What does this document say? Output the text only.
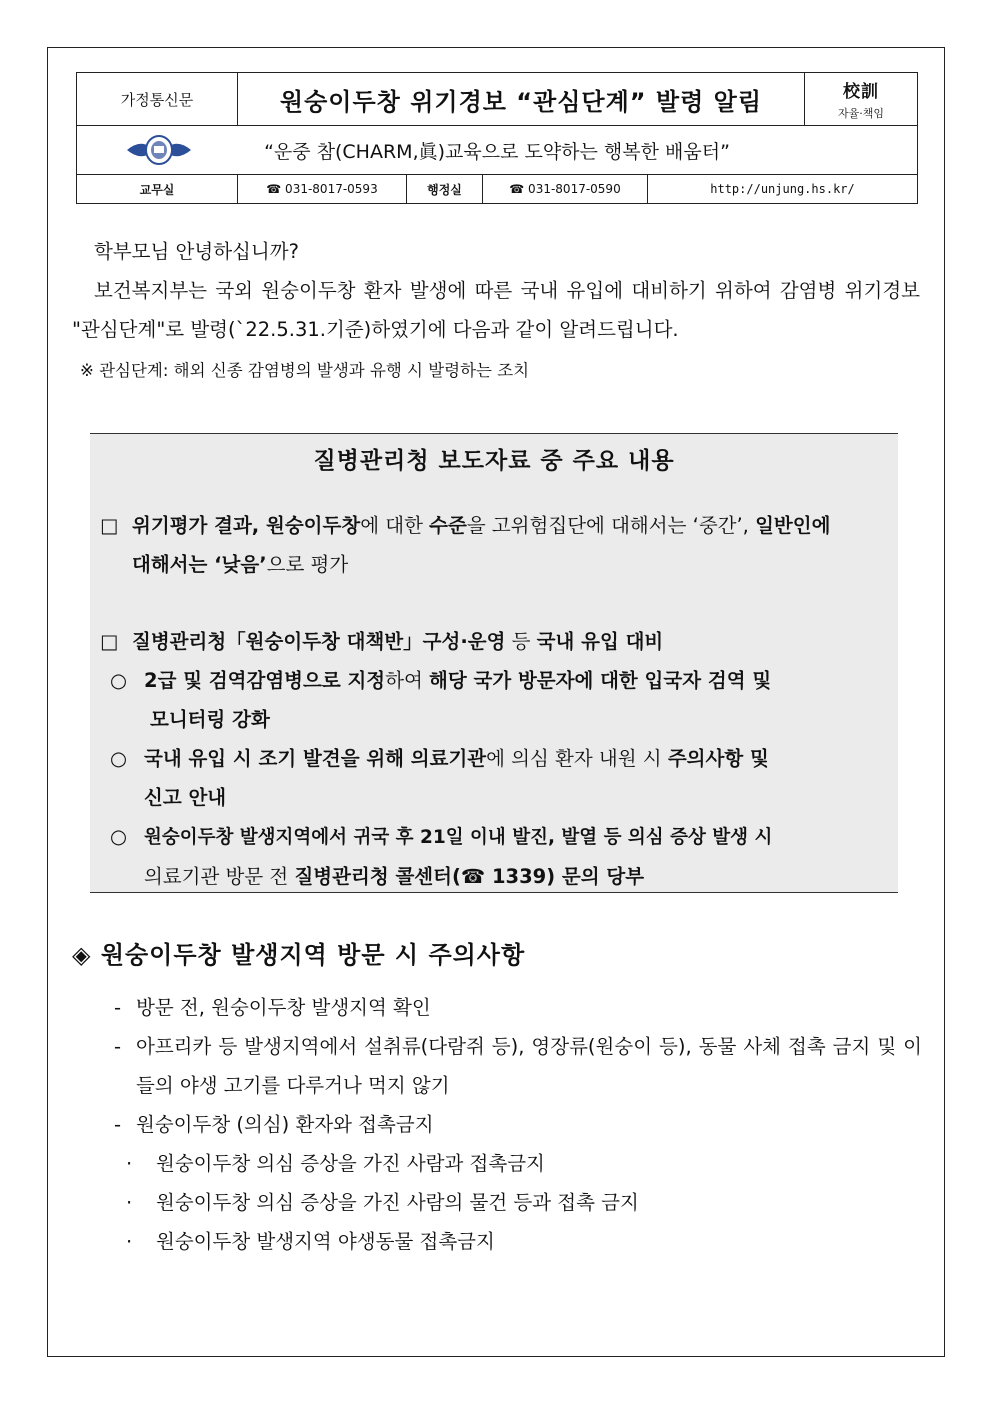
가정통신문	원숭이두창 위기경보 “관심단계” 발령 알림				校訓
자율·책임

“운중 참(CHARM,眞)교육으로 도약하는 행복한 배움터”					
교무실	☎ 031-8017-0593	행정실	☎ 031-8017-0590	http://unjung.hs.kr/	

학부모님 안녕하십니까?

보건복지부는 국외 원숭이두창 환자 발생에 따른 국내 유입에 대비하기 위하여 감염병 위기경보 "관심단계"로 발령(`22.5.31.기준)하였기에 다음과 같이 알려드립니다.

※ 관심단계: 해외 신종 감염병의 발생과 유행 시 발령하는 조치
질병관리청 보도자료 중 주요 내용
□ 위기평가 결과, 원숭이두창에 대한 수준을 고위험집단에 대해서는 ‘중간’, 일반인에
대해서는 ‘낮음’으로 평가
□ 질병관리청「원숭이두창 대책반」구성·운영 등 국내 유입 대비
○ 2급 및 검역감염병으로 지정하여 해당 국가 방문자에 대한 입국자 검역 및
모니터링 강화
○ 국내 유입 시 조기 발견을 위해 의료기관에 의심 환자 내원 시 주의사항 및
신고 안내
○ 원숭이두창 발생지역에서 귀국 후 21일 이내 발진, 발열 등 의심 증상 발생 시
의료기관 방문 전 질병관리청 콜센터(☎ 1339) 문의 당부
◈ 원숭이두창 발생지역 방문 시 주의사항
- 방문 전, 원숭이두창 발생지역 확인
- 아프리카 등 발생지역에서 설취류(다람쥐 등), 영장류(원숭이 등), 동물 사체 접촉 금지 및 이들의 야생 고기를 다루거나 먹지 않기
- 원숭이두창 (의심) 환자와 접촉금지
· 원숭이두창 의심 증상을 가진 사람과 접촉금지
· 원숭이두창 의심 증상을 가진 사람의 물건 등과 접촉 금지
· 원숭이두창 발생지역 야생동물 접촉금지
